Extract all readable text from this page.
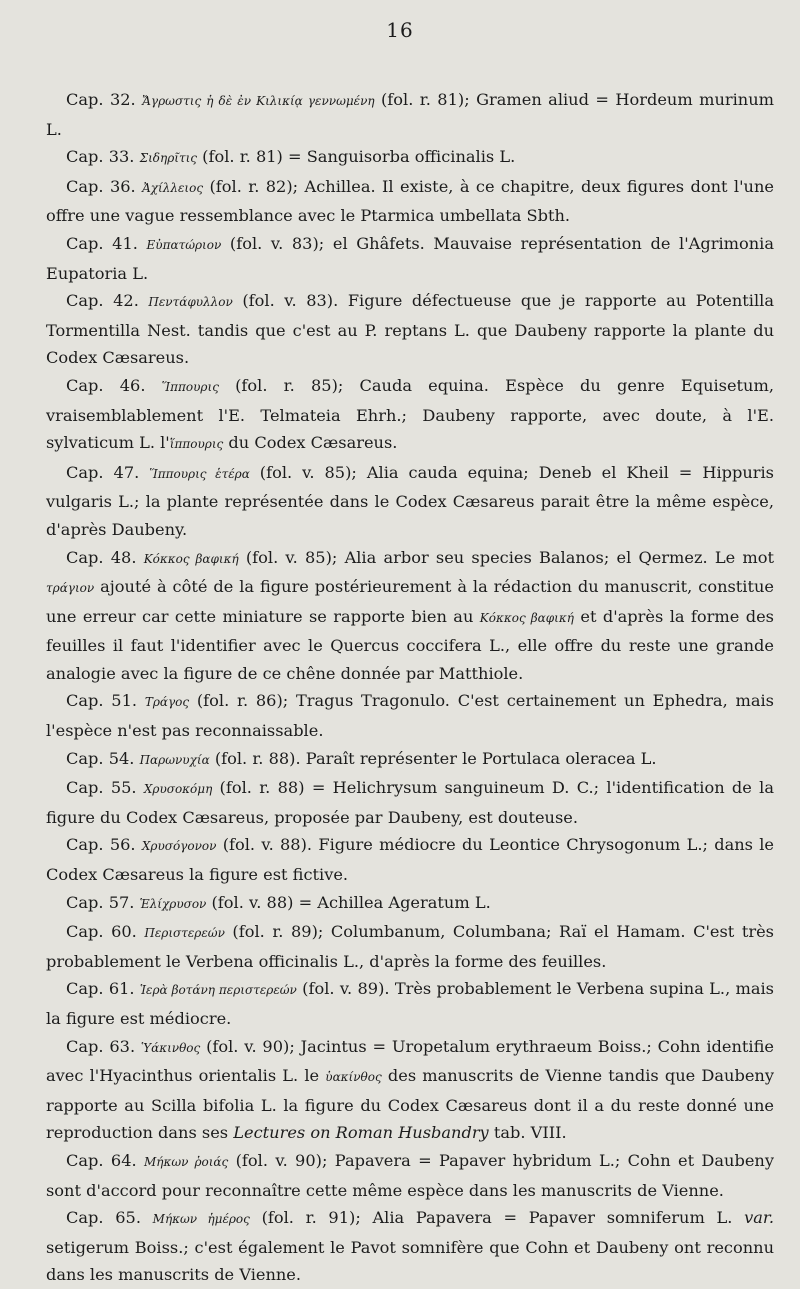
16

Cap. 32. Ἄγρωστις ἡ δὲ ἐν Κιλικίᾳ γεννωμένη (fol. r. 81); Gramen aliud = Hordeum murinum L.

Cap. 33. Σιδηρῖτις (fol. r. 81) = Sanguisorba officinalis L.

Cap. 36. Ἀχίλλειος (fol. r. 82); Achillea. Il existe, à ce chapitre, deux figures dont l'une offre une vague ressemblance avec le Ptarmica umbellata Sbth.

Cap. 41. Εὐπατώριον (fol. v. 83); el Ghâfets. Mauvaise représentation de l'Agrimonia Eupatoria L.

Cap. 42. Πεντάφυλλον (fol. v. 83). Figure défectueuse que je rapporte au Potentilla Tormentilla Nest. tandis que c'est au P. reptans L. que Daubeny rapporte la plante du Codex Cæsareus.

Cap. 46. Ἵππουρις (fol. r. 85); Cauda equina. Espèce du genre Equisetum, vraisemblablement l'E. Telmateia Ehrh.; Daubeny rapporte, avec doute, à l'E. sylvaticum L. l'ἵππουρις du Codex Cæsareus.

Cap. 47. Ἵππουρις ἑτέρα (fol. v. 85); Alia cauda equina; Deneb el Kheil = Hippuris vulgaris L.; la plante représentée dans le Codex Cæsareus parait être la même espèce, d'après Daubeny.

Cap. 48. Κόκκος βαφική (fol. v. 85); Alia arbor seu species Balanos; el Qermez. Le mot τράγιον ajouté à côté de la figure postérieurement à la rédaction du manuscrit, constitue une erreur car cette miniature se rapporte bien au Κόκκος βαφική et d'après la forme des feuilles il faut l'identifier avec le Quercus coccifera L., elle offre du reste une grande analogie avec la figure de ce chêne donnée par Matthiole.

Cap. 51. Τράγος (fol. r. 86); Tragus Tragonulo. C'est certainement un Ephedra, mais l'espèce n'est pas reconnaissable.

Cap. 54. Παρωνυχία (fol. r. 88). Paraît représenter le Portulaca oleracea L.

Cap. 55. Χρυσοκόμη (fol. r. 88) = Helichrysum sanguineum D. C.; l'identification de la figure du Codex Cæsareus, proposée par Daubeny, est douteuse.

Cap. 56. Χρυσόγονον (fol. v. 88). Figure médiocre du Leontice Chrysogonum L.; dans le Codex Cæsareus la figure est fictive.

Cap. 57. Ἑλίχρυσον (fol. v. 88) = Achillea Ageratum L.

Cap. 60. Περιστερεών (fol. r. 89); Columbanum, Columbana; Raï el Hamam. C'est très probablement le Verbena officinalis L., d'après la forme des feuilles.

Cap. 61. Ἱερὰ βοτάνη περιστερεών (fol. v. 89). Très probablement le Verbena supina L., mais la figure est médiocre.

Cap. 63. Ὑάκινθος (fol. v. 90); Jacintus = Uropetalum erythraeum Boiss.; Cohn identifie avec l'Hyacinthus orientalis L. le ὑακίνθος des manuscrits de Vienne tandis que Daubeny rapporte au Scilla bifolia L. la figure du Codex Cæsareus dont il a du reste donné une reproduction dans ses Lectures on Roman Husbandry tab. VIII.

Cap. 64. Μήκων ῥοιάς (fol. v. 90); Papavera = Papaver hybridum L.; Cohn et Daubeny sont d'accord pour reconnaître cette même espèce dans les manuscrits de Vienne.

Cap. 65. Μήκων ἡμέρος (fol. r. 91); Alia Papavera = Papaver somniferum L. var. setigerum Boiss.; c'est également le Pavot somnifère que Cohn et Daubeny ont reconnu dans les manuscrits de Vienne.
